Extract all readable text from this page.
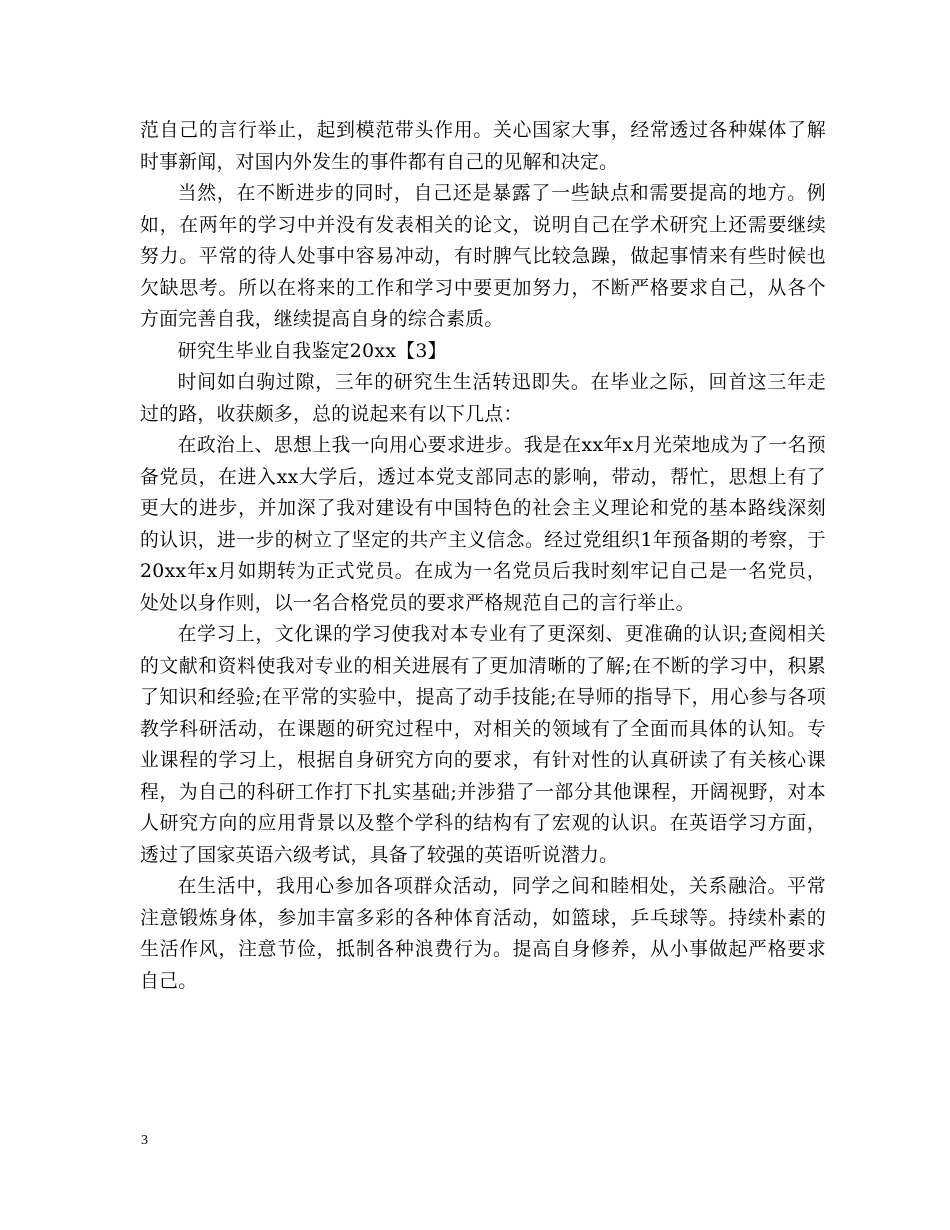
范自己的言行举止，起到模范带头作用。关心国家大事，经常透过各种媒体了解时事新闻，对国内外发生的事件都有自己的见解和决定。

当然，在不断进步的同时，自己还是暴露了一些缺点和需要提高的地方。例如，在两年的学习中并没有发表相关的论文，说明自己在学术研究上还需要继续努力。平常的待人处事中容易冲动，有时脾气比较急躁，做起事情来有些时候也欠缺思考。所以在将来的工作和学习中要更加努力，不断严格要求自己，从各个方面完善自我，继续提高自身的综合素质。

研究生毕业自我鉴定20xx【3】

时间如白驹过隙，三年的研究生生活转迅即失。在毕业之际，回首这三年走过的路，收获颇多，总的说起来有以下几点：

在政治上、思想上我一向用心要求进步。我是在xx年x月光荣地成为了一名预备党员，在进入xx大学后，透过本党支部同志的影响，带动，帮忙，思想上有了更大的进步，并加深了我对建设有中国特色的社会主义理论和党的基本路线深刻的认识，进一步的树立了坚定的共产主义信念。经过党组织1年预备期的考察，于20xx年x月如期转为正式党员。在成为一名党员后我时刻牢记自己是一名党员，处处以身作则，以一名合格党员的要求严格规范自己的言行举止。

在学习上，文化课的学习使我对本专业有了更深刻、更准确的认识;查阅相关的文献和资料使我对专业的相关进展有了更加清晰的了解;在不断的学习中，积累了知识和经验;在平常的实验中，提高了动手技能;在导师的指导下，用心参与各项教学科研活动，在课题的研究过程中，对相关的领域有了全面而具体的认知。专业课程的学习上，根据自身研究方向的要求，有针对性的认真研读了有关核心课程，为自己的科研工作打下扎实基础;并涉猎了一部分其他课程，开阔视野，对本人研究方向的应用背景以及整个学科的结构有了宏观的认识。在英语学习方面，透过了国家英语六级考试，具备了较强的英语听说潜力。

在生活中，我用心参加各项群众活动，同学之间和睦相处，关系融洽。平常注意锻炼身体，参加丰富多彩的各种体育活动，如篮球，乒乓球等。持续朴素的生活作风，注意节俭，抵制各种浪费行为。提高自身修养，从小事做起严格要求自己。

3
